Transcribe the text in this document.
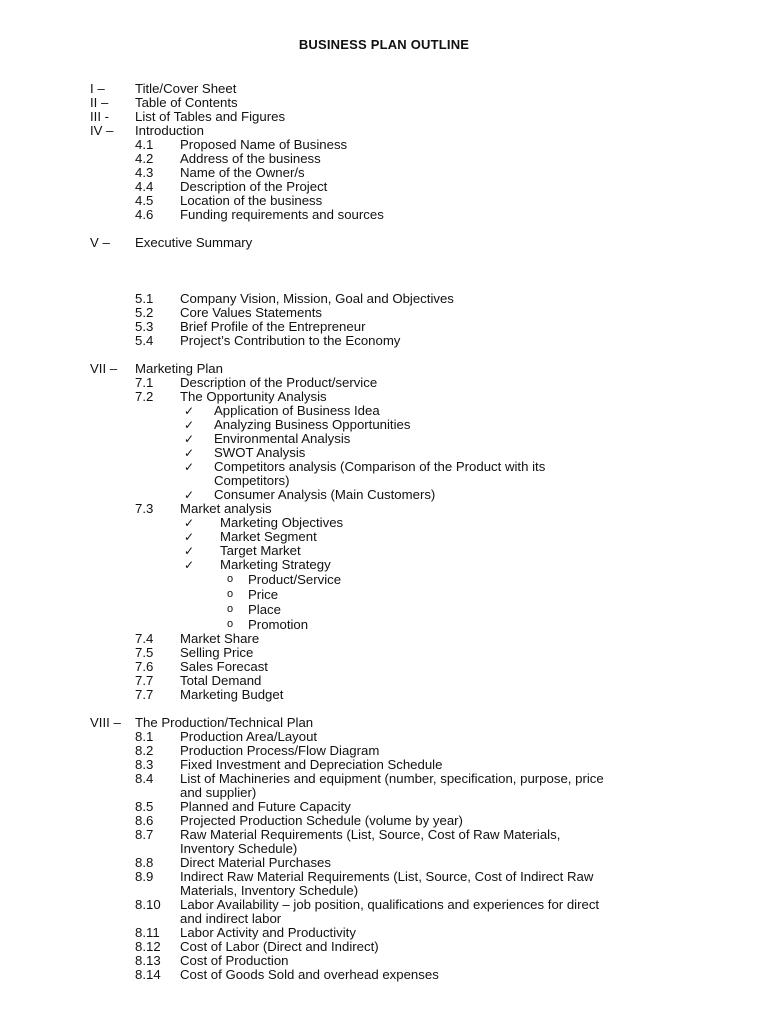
BUSINESS PLAN OUTLINE
I – Title/Cover Sheet
II – Table of Contents
III - List of Tables and Figures
IV – Introduction
4.1 Proposed Name of Business
4.2 Address of the business
4.3 Name of the Owner/s
4.4 Description of the Project
4.5 Location of the business
4.6 Funding requirements and sources
V – Executive Summary
5.1 Company Vision, Mission, Goal and Objectives
5.2 Core Values Statements
5.3 Brief Profile of the Entrepreneur
5.4 Project’s Contribution to the Economy
VII – Marketing Plan
7.1 Description of the Product/service
7.2 The Opportunity Analysis
✓ Application of Business Idea
✓ Analyzing Business Opportunities
✓ Environmental Analysis
✓ SWOT Analysis
✓ Competitors analysis (Comparison of the Product with its
Competitors)
✓ Consumer Analysis (Main Customers)
7.3 Market analysis
✓ Marketing Objectives
✓ Market Segment
✓ Target Market
✓ Marketing Strategy
o Product/Service
o Price
o Place
o Promotion
7.4 Market Share
7.5 Selling Price
7.6 Sales Forecast
7.7 Total Demand
7.7 Marketing Budget
VIII – The Production/Technical Plan
8.1 Production Area/Layout
8.2 Production Process/Flow Diagram
8.3 Fixed Investment and Depreciation Schedule
8.4 List of Machineries and equipment (number, specification, purpose, price
and supplier)
8.5 Planned and Future Capacity
8.6 Projected Production Schedule (volume by year)
8.7 Raw Material Requirements (List, Source, Cost of Raw Materials,
Inventory Schedule)
8.8 Direct Material Purchases
8.9 Indirect Raw Material Requirements (List, Source, Cost of Indirect Raw
Materials, Inventory Schedule)
8.10 Labor Availability – job position, qualifications and experiences for direct
and indirect labor
8.11 Labor Activity and Productivity
8.12 Cost of Labor (Direct and Indirect)
8.13 Cost of Production
8.14 Cost of Goods Sold and overhead expenses
